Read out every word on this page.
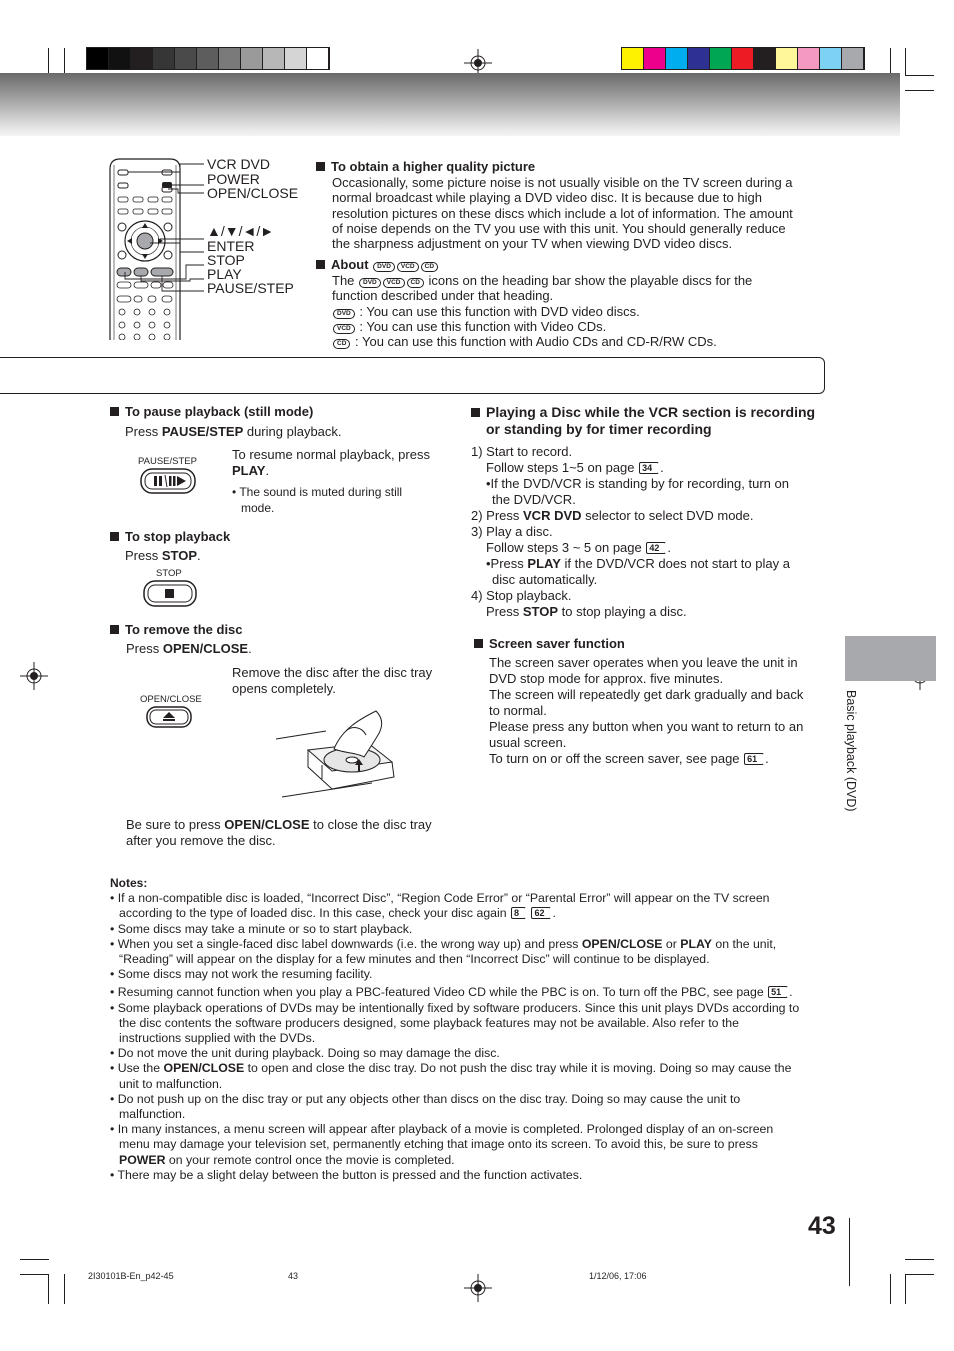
VCR DVD
POWER
OPEN/CLOSE
▲/▼/◄/►
ENTER
STOP
PLAY
PAUSE/STEP
To obtain a higher quality picture
Occasionally, some picture noise is not usually visible on the TV screen during a
normal broadcast while playing a DVD video disc. It is because due to high
resolution pictures on these discs which include a lot of information. The amount
of noise depends on the TV you use with this unit. You should generally reduce
the sharpness adjustment on your TV when viewing DVD video discs.
About DVD VCD CD
The DVD VCD CD icons on the heading bar show the playable discs for the
function described under that heading.
DVD : You can use this function with DVD video discs.
VCD : You can use this function with Video CDs.
CD : You can use this function with Audio CDs and CD-R/RW CDs.
To pause playback (still mode)
Press PAUSE/STEP during playback.
PAUSE/STEP	To resume normal playback, press
PLAY.
• The sound is muted during still
mode.
To stop playback
Press STOP.
STOP
To remove the disc
Press OPEN/CLOSE.
Remove the disc after the disc tray
opens completely.
OPEN/CLOSE
Be sure to press OPEN/CLOSE to close the disc tray
after you remove the disc.
Playing a Disc while the VCR section is recording
or standing by for timer recording
1) Start to record.
Follow steps 1~5 on page 34 .
•If the DVD/VCR is standing by for recording, turn on
the DVD/VCR.
2) Press VCR DVD selector to select DVD mode.
3) Play a disc.
Follow steps 3 ~ 5 on page 42 .
•Press PLAY if the DVD/VCR does not start to play a
disc automatically.
4) Stop playback.
Press STOP to stop playing a disc.
Screen saver function
The screen saver operates when you leave the unit in
DVD stop mode for approx. five minutes.
The screen will repeatedly get dark gradually and back
to normal.
Please press any button when you want to return to an
usual screen.
To turn on or off the screen saver, see page 61 .	Basic playback (DVD)
Notes:
• If a non-compatible disc is loaded, “Incorrect Disc”, “Region Code Error” or “Parental Error” will appear on the TV screen
according to the type of loaded disc. In this case, check your disc again 8 62 .
• Some discs may take a minute or so to start playback.
• When you set a single-faced disc label downwards (i.e. the wrong way up) and press OPEN/CLOSE or PLAY on the unit,
“Reading” will appear on the display for a few minutes and then “Incorrect Disc” will continue to be displayed.
• Some discs may not work the resuming facility.
• Resuming cannot function when you play a PBC-featured Video CD while the PBC is on. To turn off the PBC, see page 51 .
• Some playback operations of DVDs may be intentionally fixed by software producers. Since this unit plays DVDs according to
the disc contents the software producers designed, some playback features may not be available. Also refer to the
instructions supplied with the DVDs.
• Do not move the unit during playback. Doing so may damage the disc.
• Use the OPEN/CLOSE to open and close the disc tray. Do not push the disc tray while it is moving. Doing so may cause the
unit to malfunction.
• Do not push up on the disc tray or put any objects other than discs on the disc tray. Doing so may cause the unit to
malfunction.
• In many instances, a menu screen will appear after playback of a movie is completed. Prolonged display of an on-screen
menu may damage your television set, permanently etching that image onto its screen. To avoid this, be sure to press
POWER on your remote control once the movie is completed.
• There may be a slight delay between the button is pressed and the function activates.
43
2I30101B-En_p42-45	43	1/12/06, 17:06
